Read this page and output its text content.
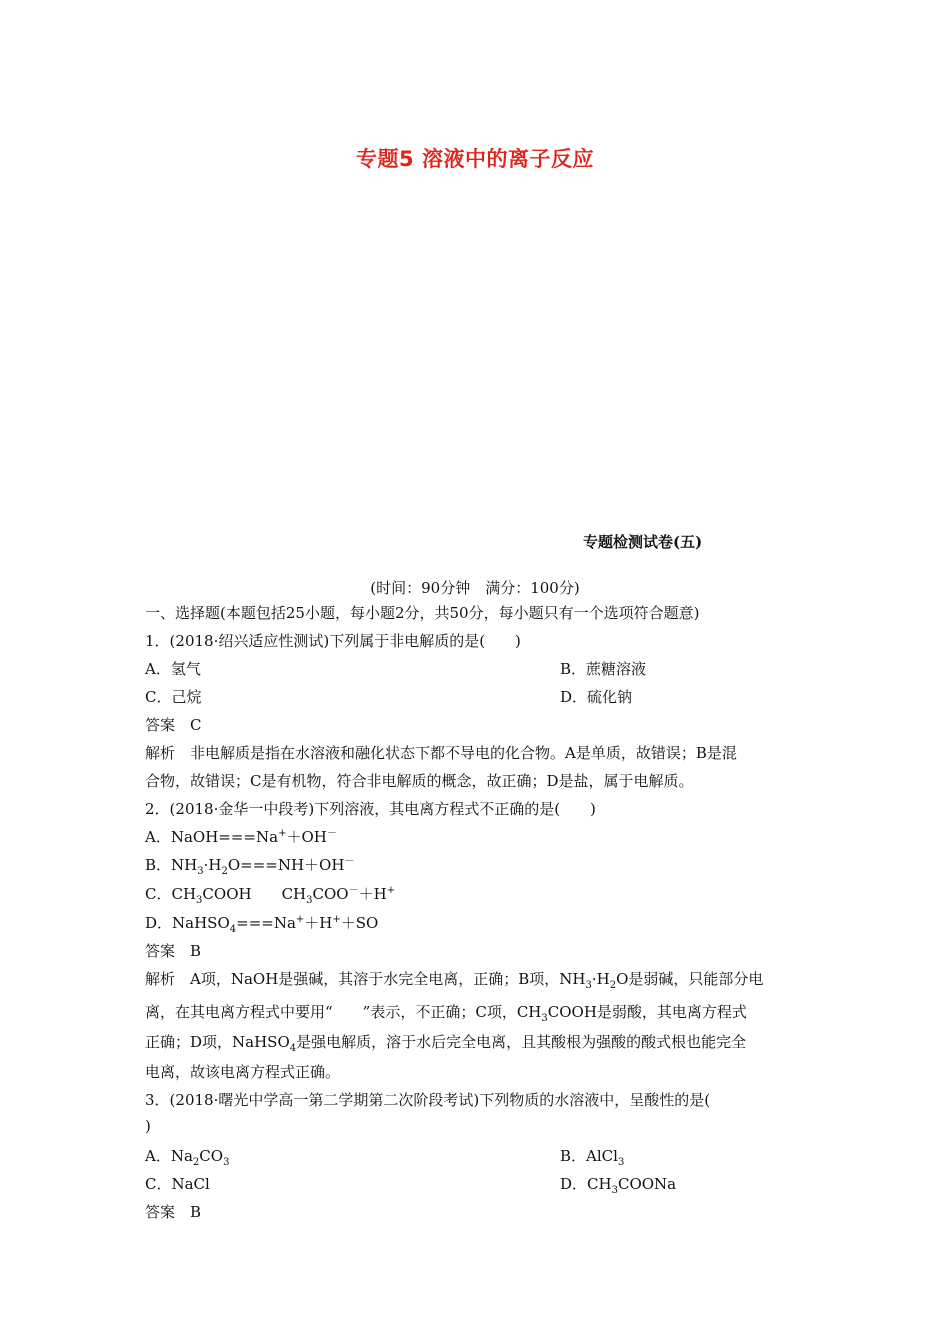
专题5 溶液中的离子反应
专题检测试卷(五)
(时间：90分钟　满分：100分)
一、选择题(本题包括25小题，每小题2分，共50分，每小题只有一个选项符合题意)
1．(2018·绍兴适应性测试)下列属于非电解质的是(　　)
A．氢气	B．蔗糖溶液
C．己烷	D．硫化钠
答案　C
解析　非电解质是指在水溶液和融化状态下都不导电的化合物。A是单质，故错误；B是混
合物，故错误；C是有机物，符合非电解质的概念，故正确；D是盐，属于电解质。
2．(2018·金华一中段考)下列溶液，其电离方程式不正确的是(　　)
A．NaOH===Na+＋OH－
B．$NH_3\cdot H_2O===NH+OH^-$
C．$CH_3COOH$ $CH_3COO^-+H^+$
D．NaHSO$_4$===Na+＋H+＋SO
答案　B
解析　A项，NaOH是强碱，其溶于水完全电离，正确；B项，$NH_3\cdot H_2O$是弱碱，只能部分电
离，在其电离方程式中要用“　　”表示，不正确；C项，$CH_3COOH$是弱酸，其电离方程式
正确；D项，NaHSO$_4$是强电解质，溶于水后完全电离，且其酸根为强酸的酸式根也能完全
电离，故该电离方程式正确。
3．(2018·曙光中学高一第二学期第二次阶段考试)下列物质的水溶液中，呈酸性的是(
)
A．$Na_2CO_3$	B．AlCl$_3$
C．NaCl	D．$CH_3COONa$
答案　B
